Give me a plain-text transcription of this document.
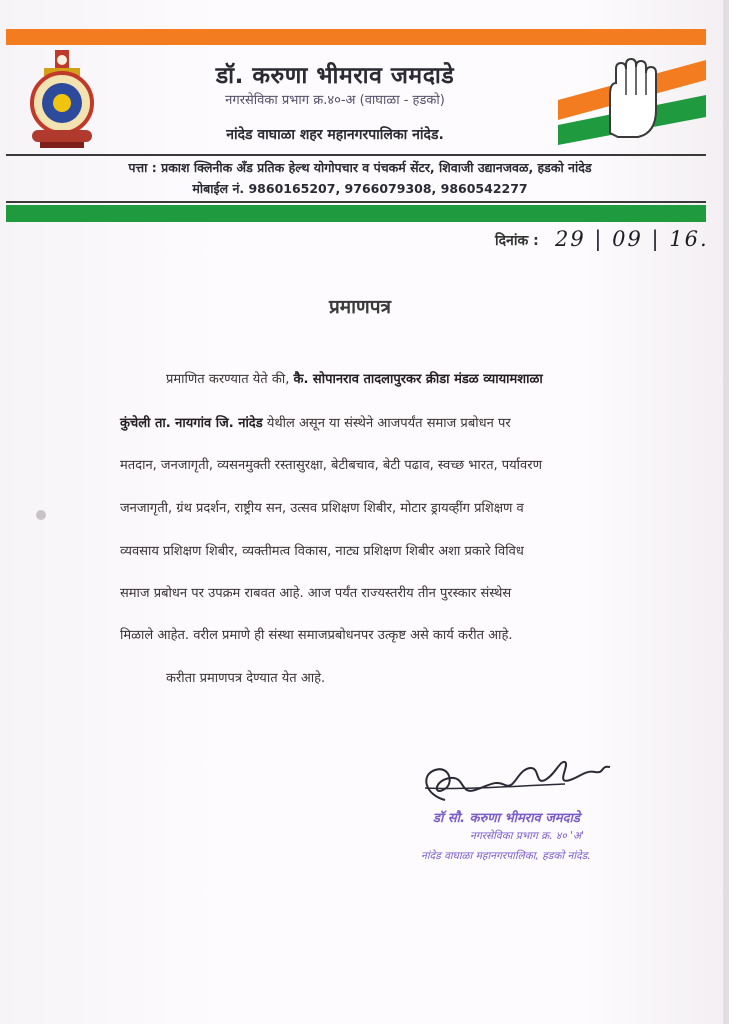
डॉ. करुणा भीमराव जमदाडे
नगरसेविका प्रभाग क्र.४०-अ (वाघाळा - हडको)
नांदेड वाघाळा शहर महानगरपालिका नांदेड.
पत्ता : प्रकाश क्लिनीक ॲंड प्रतिक हेल्थ योगोपचार व पंचकर्म सेंटर, शिवाजी उद्यानजवळ, हडको नांदेड
मोबाईल नं. 9860165207, 9766079308, 9860542277
दिनांक : 29 | 09 | 16.
प्रमाणपत्र
प्रमाणित करण्यात येते की, कै. सोपानराव तादलापुरकर क्रीडा मंडळ व्यायामशाळा
कुंचेली ता. नायगांव जि. नांदेड येथील असून या संस्थेने आजपर्यंत समाज प्रबोधन पर
मतदान, जनजागृती, व्यसनमुक्ती रस्तासुरक्षा, बेटीबचाव, बेटी पढाव, स्वच्छ भारत, पर्यावरण
जनजागृती, ग्रंथ प्रदर्शन, राष्ट्रीय सन, उत्सव प्रशिक्षण शिबीर, मोटार ड्रायव्हींग प्रशिक्षण व
व्यवसाय प्रशिक्षण शिबीर, व्यक्तीमत्व विकास, नाट्य प्रशिक्षण शिबीर अशा प्रकारे विविध
समाज प्रबोधन पर उपक्रम राबवत आहे. आज पर्यंत राज्यस्तरीय तीन पुरस्कार संस्थेस
मिळाले आहेत. वरील प्रमाणे ही संस्था समाजप्रबोधनपर उत्कृष्ट असे कार्य करीत आहे.
करीता प्रमाणपत्र देण्यात येत आहे.
डॉ सौ. करुणा भीमराव जमदाडे
नगरसेविका प्रभाग क्र. ४० 'अ'
नांदेड वाघाळा महानगरपालिका, हडको नांदेड.
